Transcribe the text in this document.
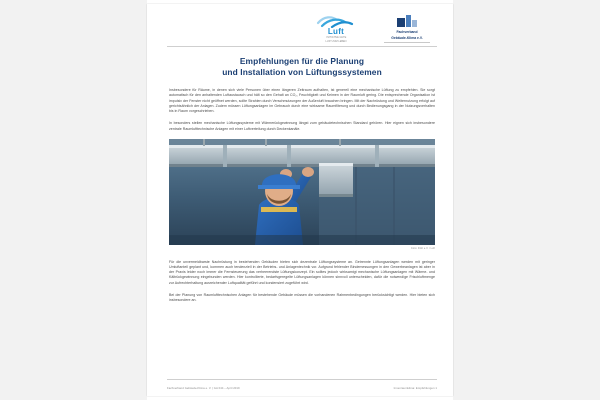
Luft
INITIATIVE GUTE
LUFT ZUM LEBEN
Fachverband
Gebäude-Klima e.V.
Empfehlungen für die Planung
und Installation von Lüftungssystemen

Insbesondere für Räume, in denen sich viele Personen über einen längeren Zeitraum aufhalten, ist generell eine mechanische Lüftung zu empfehlen. Sie sorgt automatisch für den anhaltenden Luftaustausch und hält so den Gehalt an CO₂, Feuchtigkeit und Keimen in der Raumluft gering. Die entsprechende Organisation ist impulsiv der Fenster nicht geöffnet werden, sollte Strahlen durch Verschmutzungen der Außenluft brauchen bringen. Mit der Nachrüstung und Weiternutzung erfolgt auf gerichtsähnlich der Anlagen. Zudem müssen Lüftungsanlagen im Gebrauch durch eine wirksame Raumfilterung und durch Bedienungsgang in der Nutzungsverhalten bis in Raum vorgeschrieben.

In besonders stellen mechanische Lüftungssysteme mit Wärmerückgewinnung längst zum gebäudetechnischen Standard gehören. Hier eignen sich insbesondere zentrale Raumlufttechnische Anlagen mit einer Luftverteilung durch Deckenkanäle.

Foto: FGK e.V. / Luft

Für die unvermeidbarste Nachrüstung in bestehenden Gebäuden bieten sich dezentrale Lüftungssysteme an. Getrennte Lüftungsanlagen werden mit geringer Umluftanteil geplant und, kommen auch tendenziell in der Betriebs- und Anlagentechnik vor. Aufgrund fehlender Bindemessungen in den Gewerbeanlagen ist aber in der Praxis leider noch immer die Fernsteuerung das verheerendste Lüftungskonzept. Ein solltes jedoch wirksamigt mechanische Lüftungsanlagen mit Wärme- und Kältrückgewinnung eingebunden werden. Hier kontrollierte, bedarfsgeregelte Lüftungsanlagen können sinnvoll unterscheiden, dafür die notwendige Frischluftmenge zur Aufrechterhaltung ausreichender Luftqualität geführt und kondensiert zugeführt wird.

Bei der Planung von Raumlufttechnischen Anlagen für bestehende Gebäude müssen die vorhandenen Rahmenbedingungen berücksichtigt werden. Hier bieten sich insbesondere an.

Fachverband Gebäude-Klima e. V. | GA 044 – April 2019	Innenraumklima: Empfehlungen 1
